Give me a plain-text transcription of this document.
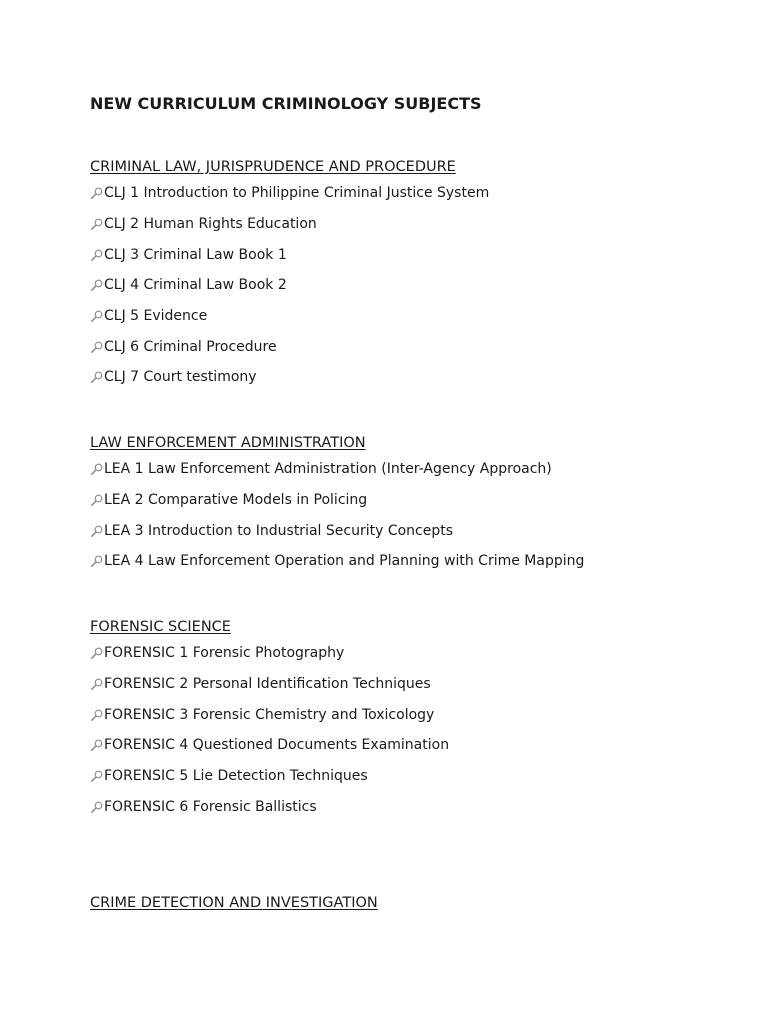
NEW CURRICULUM CRIMINOLOGY SUBJECTS
CRIMINAL LAW, JURISPRUDENCE AND PROCEDURE
CLJ 1 Introduction to Philippine Criminal Justice System
CLJ 2 Human Rights Education
CLJ 3 Criminal Law Book 1
CLJ 4 Criminal Law Book 2
CLJ 5 Evidence
CLJ 6 Criminal Procedure
CLJ 7 Court testimony
LAW ENFORCEMENT ADMINISTRATION
LEA 1 Law Enforcement Administration (Inter-Agency Approach)
LEA 2 Comparative Models in Policing
LEA 3 Introduction to Industrial Security Concepts
LEA 4 Law Enforcement Operation and Planning with Crime Mapping
FORENSIC SCIENCE
FORENSIC 1 Forensic Photography
FORENSIC 2 Personal Identification Techniques
FORENSIC 3 Forensic Chemistry and Toxicology
FORENSIC 4 Questioned Documents Examination
FORENSIC 5 Lie Detection Techniques
FORENSIC 6 Forensic Ballistics
CRIME DETECTION AND INVESTIGATION
